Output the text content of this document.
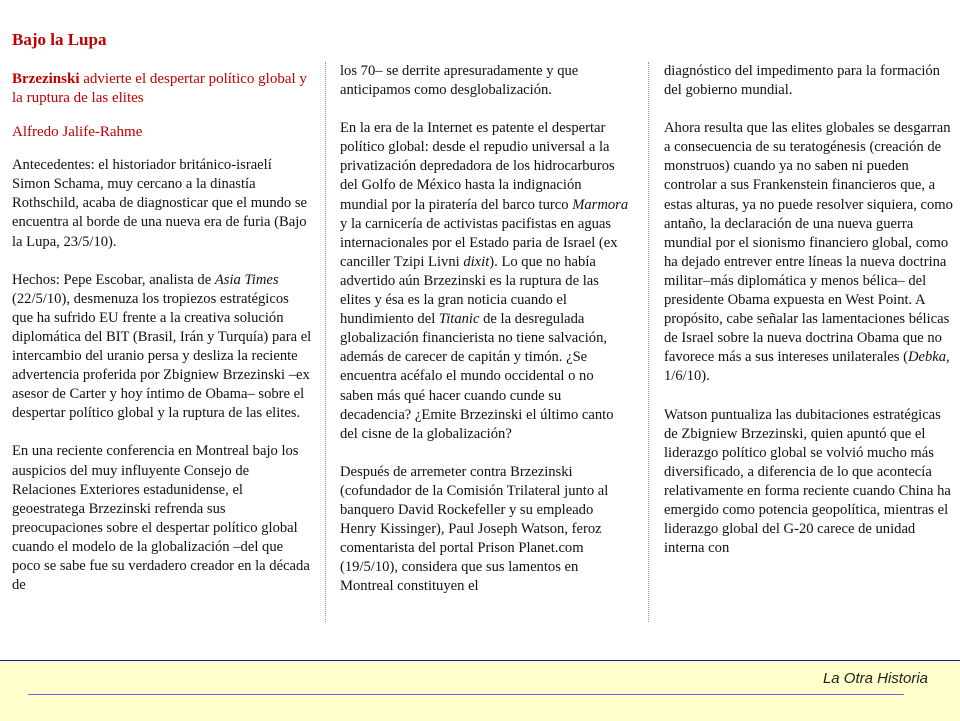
Bajo la Lupa

Brzezinski advierte el despertar político global y la ruptura de las elites

Alfredo Jalife-Rahme

Antecedentes: el historiador británico-israelí Simon Schama, muy cercano a la dinastía Rothschild, acaba de diagnosticar que el mundo se encuentra al borde de una nueva era de furia (Bajo la Lupa, 23/5/10).

Hechos: Pepe Escobar, analista de Asia Times (22/5/10), desmenuza los tropiezos estratégicos que ha sufrido EU frente a la creativa solución diplomática del BIT (Brasil, Irán y Turquía) para el intercambio del uranio persa y desliza la reciente advertencia proferida por Zbigniew Brzezinski –ex asesor de Carter y hoy íntimo de Obama– sobre el despertar político global y la ruptura de las elites.

En una reciente conferencia en Montreal bajo los auspicios del muy influyente Consejo de Relaciones Exteriores estadunidense, el geoestratega Brzezinski refrenda sus preocupaciones sobre el despertar político global cuando el modelo de la globalización –del que poco se sabe fue su verdadero creador en la década de

los 70– se derrite apresuradamente y que anticipamos como desglobalización.

En la era de la Internet es patente el despertar político global: desde el repudio universal a la privatización depredadora de los hidrocarburos del Golfo de México hasta la indignación mundial por la piratería del barco turco Marmora y la carnicería de activistas pacifistas en aguas internacionales por el Estado paria de Israel (ex canciller Tzipi Livni dixit). Lo que no había advertido aún Brzezinski es la ruptura de las elites y ésa es la gran noticia cuando el hundimiento del Titanic de la desregulada globalización financierista no tiene salvación, además de carecer de capitán y timón. ¿Se encuentra acéfalo el mundo occidental o no saben más qué hacer cuando cunde su decadencia? ¿Emite Brzezinski el último canto del cisne de la globalización?

Después de arremeter contra Brzezinski (cofundador de la Comisión Trilateral junto al banquero David Rockefeller y su empleado Henry Kissinger), Paul Joseph Watson, feroz comentarista del portal Prison Planet.com (19/5/10), considera que sus lamentos en Montreal constituyen el

diagnóstico del impedimento para la formación del gobierno mundial.

Ahora resulta que las elites globales se desgarran a consecuencia de su teratogénesis (creación de monstruos) cuando ya no saben ni pueden controlar a sus Frankenstein financieros que, a estas alturas, ya no puede resolver siquiera, como antaño, la declaración de una nueva guerra mundial por el sionismo financiero global, como ha dejado entrever entre líneas la nueva doctrina militar–más diplomática y menos bélica– del presidente Obama expuesta en West Point. A propósito, cabe señalar las lamentaciones bélicas de Israel sobre la nueva doctrina Obama que no favorece más a sus intereses unilaterales (Debka, 1/6/10).

Watson puntualiza las dubitaciones estratégicas de Zbigniew Brzezinski, quien apuntó que el liderazgo político global se volvió mucho más diversificado, a diferencia de lo que acontecía relativamente en forma reciente cuando China ha emergido como potencia geopolítica, mientras el liderazgo global del G-20 carece de unidad interna con

La Otra Historia
